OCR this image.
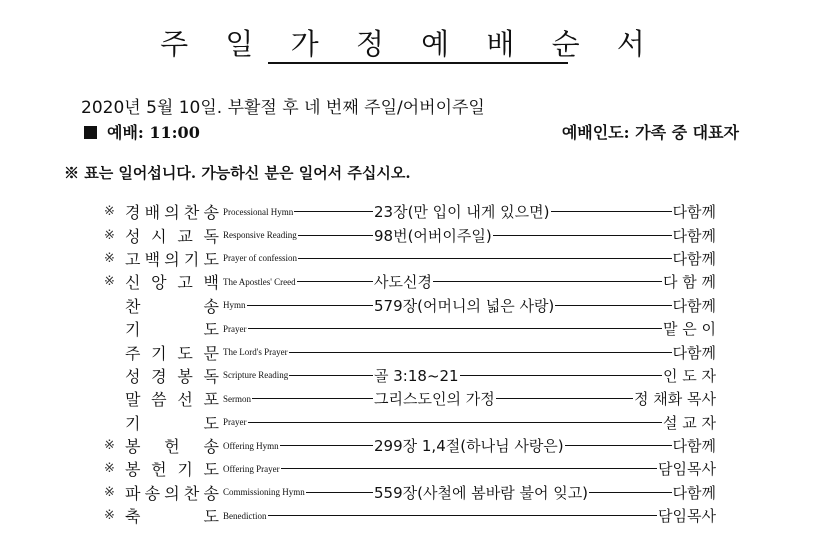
주 일 가 정 예 배 순 서
2020년 5월 10일. 부활절 후 네 번째 주일/어버이주일
예배: 11:00	예배인도: 가족 중 대표자
※ 표는 일어섭니다. 가능하신 분은 일어서 주십시오.
※ 경 배 의 찬 송 Processional Hymn	23장(만 입이 내게 있으면)	다함께
※ 성 시 교 독 Responsive Reading	98번(어버이주일)	다함께
※ 고 백 의 기 도 Prayer of confession	다함께
※ 신 앙 고 백 The Apostles' Creed	사도신경	다 함 께
찬	송 Hymn	579장(어머니의 넓은 사랑)	다함께
기	도 Prayer	맡 은 이
주 기 도 문 The Lord's Prayer	다함께
성 경 봉 독 Scripture Reading	골 3:18~21	인 도 자
말 씀 선 포 Sermon	그리스도인의 가정	정 채화 목사
기	도 Prayer	설 교 자
※ 봉 헌 송 Offering Hymn	299장 1,4절(하나님 사랑은)	다함께
※ 봉 헌 기 도 Offering Prayer	담임목사
※ 파 송 의 찬 송 Commissioning Hymn	559장(사철에 봄바람 불어 잊고)	다함께
※ 축	도 Benediction	담임목사
